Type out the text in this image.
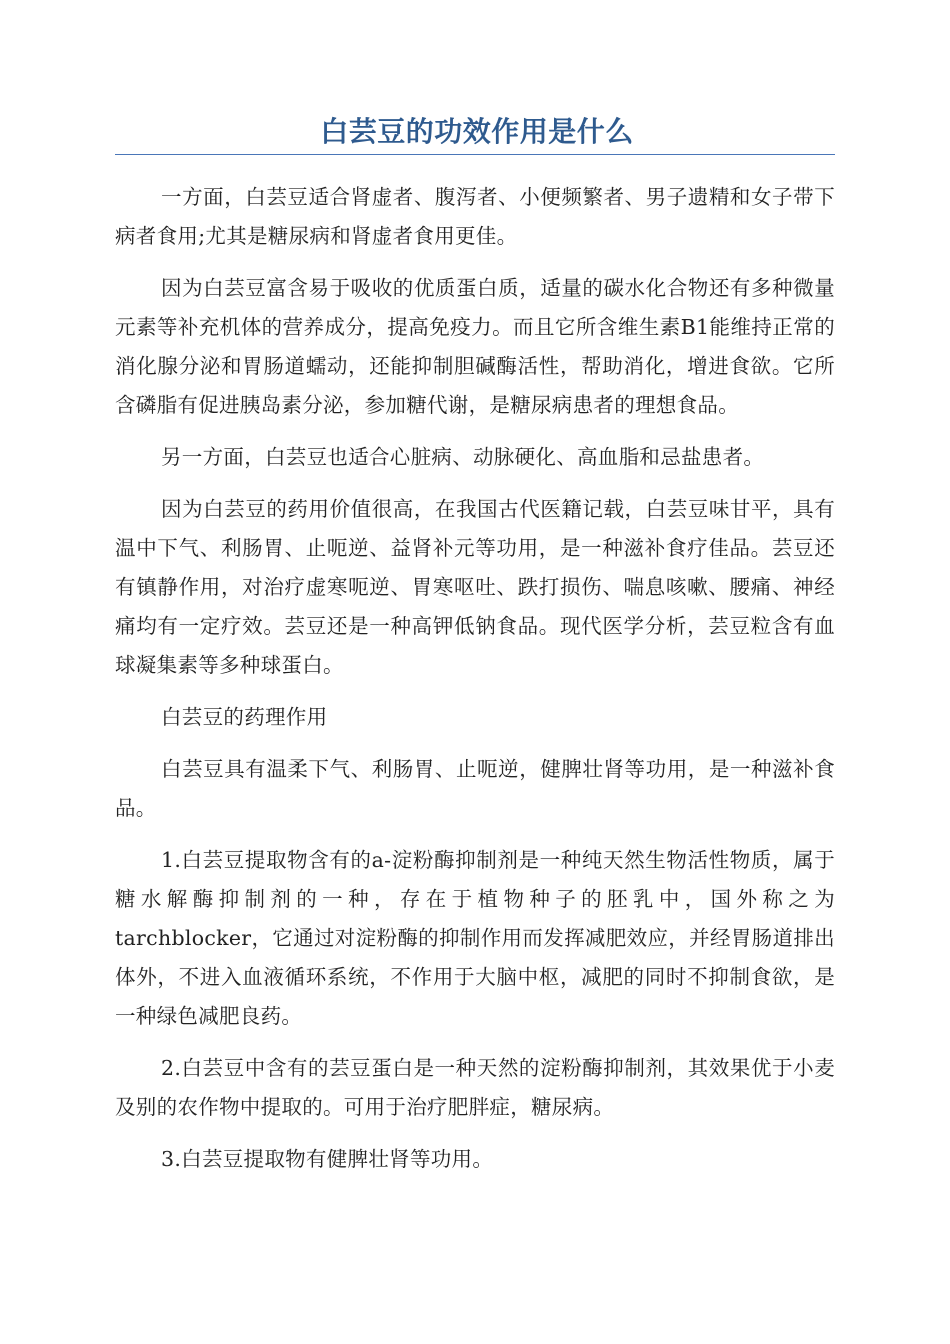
白芸豆的功效作用是什么

一方面，白芸豆适合肾虚者、腹泻者、小便频繁者、男子遗精和女子带下病者食用;尤其是糖尿病和肾虚者食用更佳。

因为白芸豆富含易于吸收的优质蛋白质，适量的碳水化合物还有多种微量元素等补充机体的营养成分，提高免疫力。而且它所含维生素B1能维持正常的消化腺分泌和胃肠道蠕动，还能抑制胆碱酶活性，帮助消化，增进食欲。它所含磷脂有促进胰岛素分泌，参加糖代谢，是糖尿病患者的理想食品。

另一方面，白芸豆也适合心脏病、动脉硬化、高血脂和忌盐患者。

因为白芸豆的药用价值很高，在我国古代医籍记载，白芸豆味甘平，具有温中下气、利肠胃、止呃逆、益肾补元等功用，是一种滋补食疗佳品。芸豆还有镇静作用，对治疗虚寒呃逆、胃寒呕吐、跌打损伤、喘息咳嗽、腰痛、神经痛均有一定疗效。芸豆还是一种高钾低钠食品。现代医学分析，芸豆粒含有血球凝集素等多种球蛋白。

白芸豆的药理作用

白芸豆具有温柔下气、利肠胃、止呃逆，健脾壮肾等功用，是一种滋补食品。

1.白芸豆提取物含有的a-淀粉酶抑制剂是一种纯天然生物活性物质，属于糖水解酶抑制剂的一种，存在于植物种子的胚乳中，国外称之为tarchblocker，它通过对淀粉酶的抑制作用而发挥减肥效应，并经胃肠道排出体外，不进入血液循环系统，不作用于大脑中枢，减肥的同时不抑制食欲，是一种绿色减肥良药。

2.白芸豆中含有的芸豆蛋白是一种天然的淀粉酶抑制剂，其效果优于小麦及别的农作物中提取的。可用于治疗肥胖症，糖尿病。

3.白芸豆提取物有健脾壮肾等功用。
